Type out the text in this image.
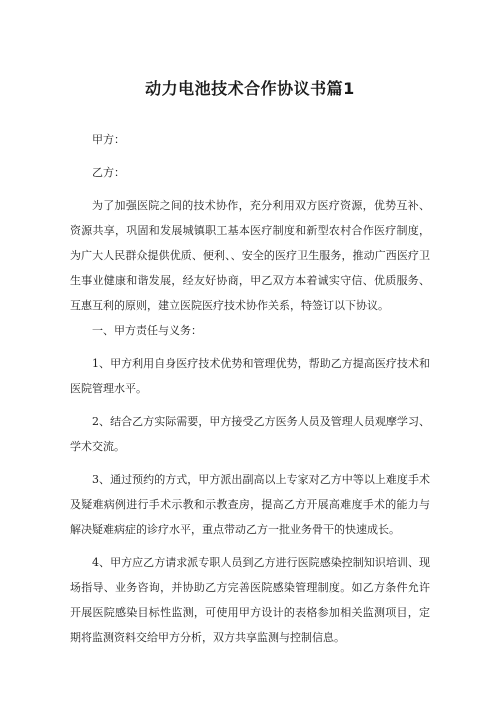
动力电池技术合作协议书篇1

甲方：

乙方：

为了加强医院之间的技术协作，充分利用双方医疗资源，优势互补、资源共享，巩固和发展城镇职工基本医疗制度和新型农村合作医疗制度，为广大人民群众提供优质、便利、、安全的医疗卫生服务，推动广西医疗卫生事业健康和谐发展，经友好协商，甲乙双方本着诚实守信、优质服务、互惠互利的原则，建立医院医疗技术协作关系，特签订以下协议。

一、甲方责任与义务：

1、甲方利用自身医疗技术优势和管理优势，帮助乙方提高医疗技术和医院管理水平。

2、结合乙方实际需要，甲方接受乙方医务人员及管理人员观摩学习、学术交流。

3、通过预约的方式，甲方派出副高以上专家对乙方中等以上难度手术及疑难病例进行手术示教和示教查房，提高乙方开展高难度手术的能力与解决疑难病症的诊疗水平，重点带动乙方一批业务骨干的快速成长。

4、甲方应乙方请求派专职人员到乙方进行医院感染控制知识培训、现场指导、业务咨询，并协助乙方完善医院感染管理制度。如乙方条件允许开展医院感染目标性监测，可使用甲方设计的表格参加相关监测项目，定期将监测资料交给甲方分析，双方共享监测与控制信息。
